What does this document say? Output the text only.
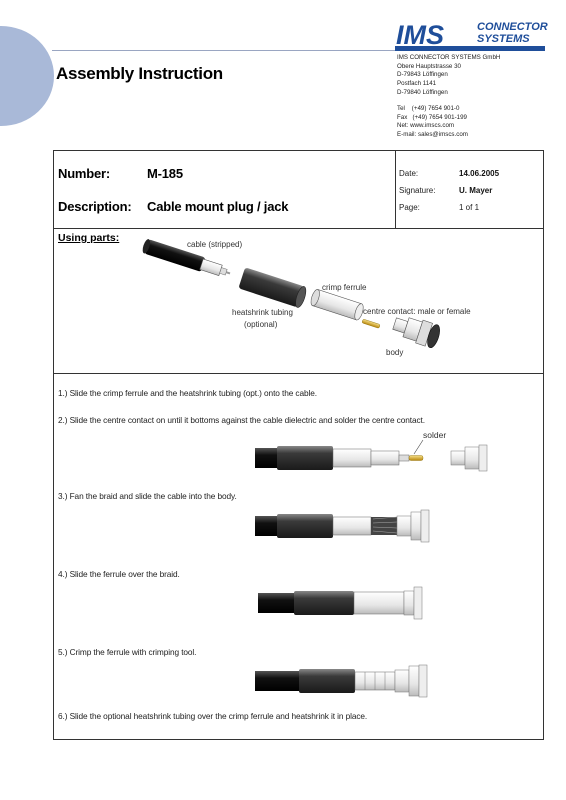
Assembly Instruction
IMS	CONNECTOR
SYSTEMS
IMS CONNECTOR SYSTEMS GmbH
Obere Hauptstrasse 30
D-79843 Löffingen
Postfach 1141
D-79840 Löffingen
Tel    (+49) 7654 901-0
Fax   (+49) 7654 901-199
Net: www.imscs.com
E-mail: sales@imscs.com
Number:	M-185
Description: Cable mount plug / jack
Date:	14.06.2005
Signature:	U. Mayer
Page:	1 of 1
Using parts:
cable (stripped)
crimp ferrule
heatshrink tubing
(optional)
centre contact: male or female
body
1.) Slide the crimp ferrule and the heatshrink tubing (opt.) onto the cable.
2.) Slide the centre contact on until it bottoms against the cable dielectric and solder the centre contact.
3.) Fan the braid and slide the cable into the body.
4.) Slide the ferrule over the braid.
5.) Crimp the ferrule with crimping tool.
6.) Slide the optional heatshrink tubing over the crimp ferrule and heatshrink it in place.
solder
